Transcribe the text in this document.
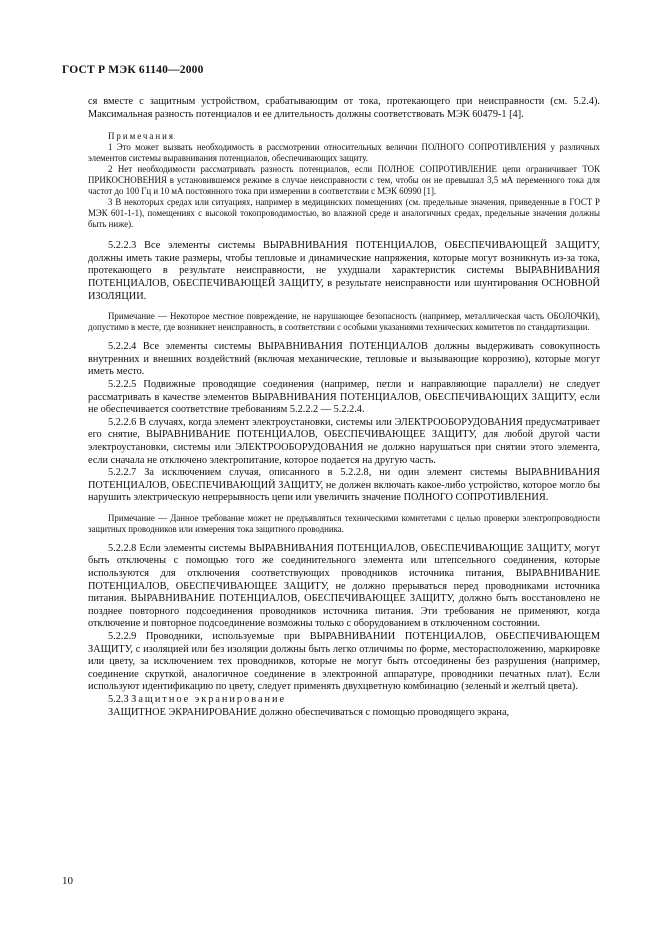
ГОСТ Р МЭК 61140—2000

ся вместе с защитным устройством, срабатывающим от тока, протекающего при неисправности (см. 5.2.4). Максимальная разность потенциалов и ее длительность должны соответствовать МЭК 60479-1 [4].

Примечания

1 Это может вызвать необходимость в рассмотрении относительных величин ПОЛНОГО СОПРОТИВЛЕНИЯ у различных элементов системы выравнивания потенциалов, обеспечивающих защиту.

2 Нет необходимости рассматривать разность потенциалов, если ПОЛНОЕ СОПРОТИВЛЕНИЕ цепи ограничивает ТОК ПРИКОСНОВЕНИЯ в установившемся режиме в случае неисправности с тем, чтобы он не превышал 3,5 мА переменного тока для частот до 100 Гц и 10 мА постоянного тока при измерении в соответствии с МЭК 60990 [1].

3 В некоторых средах или ситуациях, например в медицинских помещениях (см. предельные значения, приведенные в ГОСТ Р МЭК 601-1-1), помещениях с высокой токопроводимостью, во влажной среде и аналогичных средах, предельные значения должны быть ниже).

5.2.2.3 Все элементы системы ВЫРАВНИВАНИЯ ПОТЕНЦИАЛОВ, ОБЕСПЕЧИВАЮЩЕЙ ЗАЩИТУ, должны иметь такие размеры, чтобы тепловые и динамические напряжения, которые могут возникнуть из-за тока, протекающего в результате неисправности, не ухудшали характеристик системы ВЫРАВНИВАНИЯ ПОТЕНЦИАЛОВ, ОБЕСПЕЧИВАЮЩЕЙ ЗАЩИТУ, в результате неисправности или шунтирования ОСНОВНОЙ ИЗОЛЯЦИИ.

Примечание — Некоторое местное повреждение, не нарушающее безопасность (например, металлическая часть ОБОЛОЧКИ), допустимо в месте, где возникнет неисправность, в соответствии с особыми указаниями технических комитетов по стандартизации.

5.2.2.4 Все элементы системы ВЫРАВНИВАНИЯ ПОТЕНЦИАЛОВ должны выдерживать совокупность внутренних и внешних воздействий (включая механические, тепловые и вызывающие коррозию), которые могут иметь место.

5.2.2.5 Подвижные проводящие соединения (например, петли и направляющие параллели) не следует рассматривать в качестве элементов ВЫРАВНИВАНИЯ ПОТЕНЦИАЛОВ, ОБЕСПЕЧИВАЮЩИХ ЗАЩИТУ, если не обеспечивается соответствие требованиям 5.2.2.2 — 5.2.2.4.

5.2.2.6 В случаях, когда элемент электроустановки, системы или ЭЛЕКТРООБОРУДОВАНИЯ предусматривает его снятие, ВЫРАВНИВАНИЕ ПОТЕНЦИАЛОВ, ОБЕСПЕЧИВАЮЩЕЕ ЗАЩИТУ, для любой другой части электроустановки, системы или ЭЛЕКТРООБОРУДОВАНИЯ не должно нарушаться при снятии этого элемента, если сначала не отключено электропитание, которое подается на другую часть.

5.2.2.7 За исключением случая, описанного в 5.2.2.8, ни один элемент системы ВЫРАВНИВАНИЯ ПОТЕНЦИАЛОВ, ОБЕСПЕЧИВАЮЩИЙ ЗАЩИТУ, не должен включать какое-либо устройство, которое могло бы нарушить электрическую непрерывность цепи или увеличить значение ПОЛНОГО СОПРОТИВЛЕНИЯ.

Примечание — Данное требование может не предъявляться техническими комитетами с целью проверки электропроводности защитных проводников или измерения тока защитного проводника.

5.2.2.8 Если элементы системы ВЫРАВНИВАНИЯ ПОТЕНЦИАЛОВ, ОБЕСПЕЧИВАЮЩИЕ ЗАЩИТУ, могут быть отключены с помощью того же соединительного элемента или штепсельного соединения, которые используются для отключения соответствующих проводников источника питания, ВЫРАВНИВАНИЕ ПОТЕНЦИАЛОВ, ОБЕСПЕЧИВАЮЩЕЕ ЗАЩИТУ, не должно прерываться перед проводниками источника питания. ВЫРАВНИВАНИЕ ПОТЕНЦИАЛОВ, ОБЕСПЕЧИВАЮЩЕЕ ЗАЩИТУ, должно быть восстановлено не позднее повторного подсоединения проводников источника питания. Эти требования не применяют, когда отключение и повторное подсоединение возможны только с оборудованием в отключенном состоянии.

5.2.2.9 Проводники, используемые при ВЫРАВНИВАНИИ ПОТЕНЦИАЛОВ, ОБЕСПЕЧИВАЮЩЕМ ЗАЩИТУ, с изоляцией или без изоляции должны быть легко отличимы по форме, месторасположению, маркировке или цвету, за исключением тех проводников, которые не могут быть отсоединены без разрушения (например, соединение скруткой, аналогичное соединение в электронной аппаратуре, проводники печатных плат). Если используют идентификацию по цвету, следует применять двухцветную комбинацию (зеленый и желтый цвета).

5.2.3 Защитное экранирование

ЗАЩИТНОЕ ЭКРАНИРОВАНИЕ должно обеспечиваться с помощью проводящего экрана,

10
